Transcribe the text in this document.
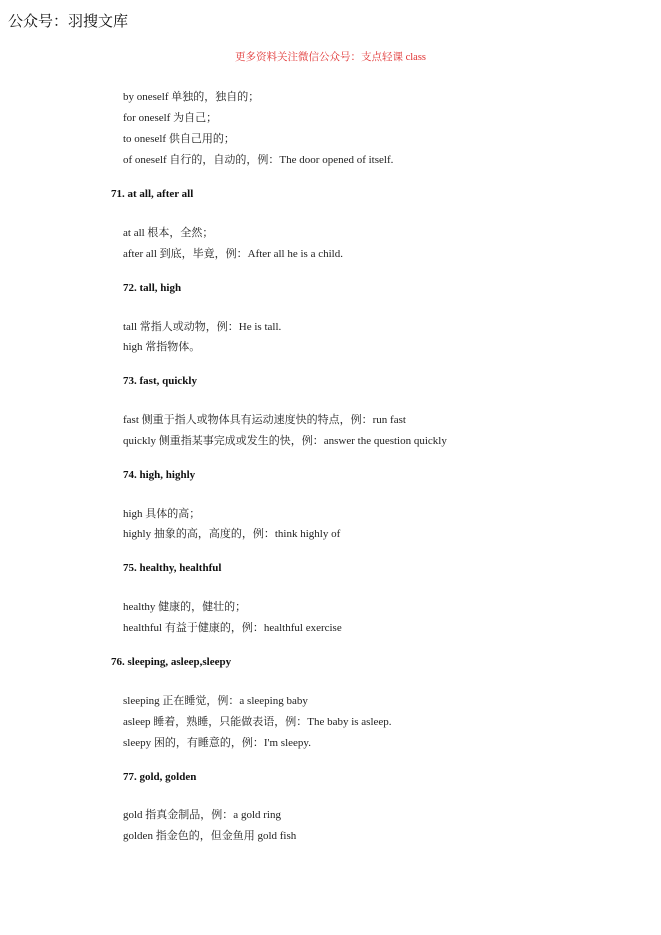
公众号：羽搜文库
更多资料关注微信公众号：支点轻课 class
by oneself 单独的，独自的；
for oneself 为自己；
to oneself 供自己用的；
of oneself 自行的，自动的，例：The door opened of itself.
71. at all, after all
at all 根本，全然；
after all 到底，毕竟，例：After all he is a child.
72. tall, high
tall 常指人或动物，例：He is tall.
high 常指物体。
73. fast, quickly
fast 侧重于指人或物体具有运动速度快的特点，例：run fast
quickly 侧重指某事完成或发生的快，例：answer the question quickly
74. high, highly
high 具体的高；
highly 抽象的高，高度的，例：think highly of
75. healthy, healthful
healthy 健康的，健壮的；
healthful 有益于健康的，例：healthful exercise
76. sleeping, asleep,sleepy
sleeping 正在睡觉，例：a sleeping baby
asleep 睡着，熟睡，只能做表语，例：The baby is asleep.
sleepy 困的，有睡意的，例：I'm sleepy.
77. gold, golden
gold 指真金制品，例：a gold ring
golden 指金色的，但金鱼用 gold fish
